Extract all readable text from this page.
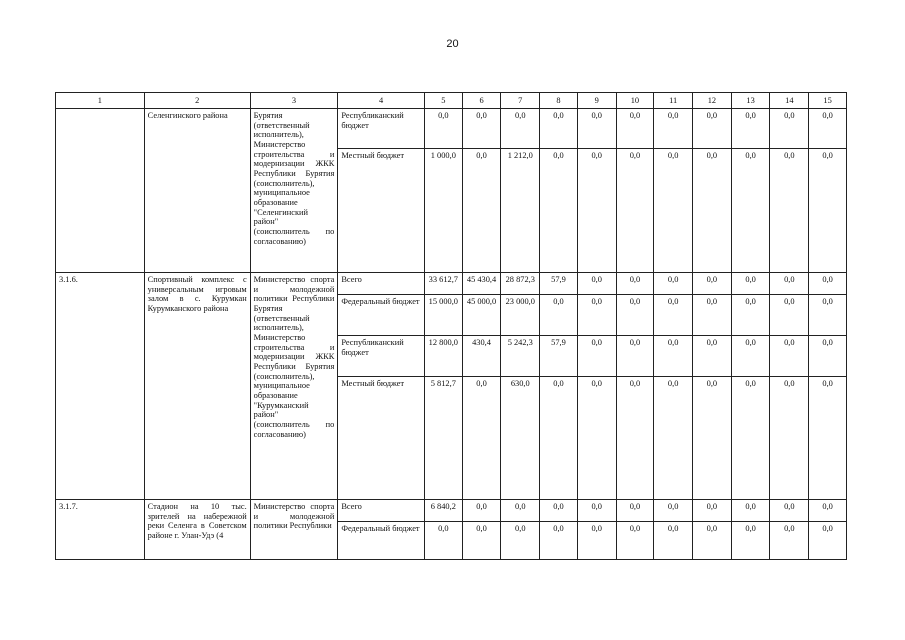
20
1	2	3	4	5	6	7	8	9	10	11	12	13	14	15
	Селенгинского района	Бурятия (ответственный исполнитель), Министерство строительства и модернизации ЖКК Республики Бурятия (соисполнитель), муниципальное образование "Селенгинский район" (соисполнитель по согласованию)	Республиканский бюджет	0,0	0,0	0,0	0,0	0,0	0,0	0,0	0,0	0,0	0,0	0,0
			Местный бюджет	1 000,0	0,0	1 212,0	0,0	0,0	0,0	0,0	0,0	0,0	0,0	0,0
3.1.6.	Спортивный комплекс с универсальным игровым залом в с. Курумкан Курумканского района	Министерство спорта и молодежной политики Республики Бурятия (ответственный исполнитель), Министерство строительства и модернизации ЖКК Республики Бурятия (соисполнитель), муниципальное образование "Курумканский район" (соисполнитель по согласованию)	Всего	33 612,7	45 430,4	28 872,3	57,9	0,0	0,0	0,0	0,0	0,0	0,0	0,0
			Федеральный бюджет	15 000,0	45 000,0	23 000,0	0,0	0,0	0,0	0,0	0,0	0,0	0,0	0,0
			Республиканский бюджет	12 800,0	430,4	5 242,3	57,9	0,0	0,0	0,0	0,0	0,0	0,0	0,0
			Местный бюджет	5 812,7	0,0	630,0	0,0	0,0	0,0	0,0	0,0	0,0	0,0	0,0
3.1.7.	Стадион на 10 тыс. зрителей на набережной реки Селенга в Советском районе г. Улан-Удэ (4	Министерство спорта и молодежной политики Республики	Всего	6 840,2	0,0	0,0	0,0	0,0	0,0	0,0	0,0	0,0	0,0	0,0
			Федеральный бюджет	0,0	0,0	0,0	0,0	0,0	0,0	0,0	0,0	0,0	0,0	0,0
